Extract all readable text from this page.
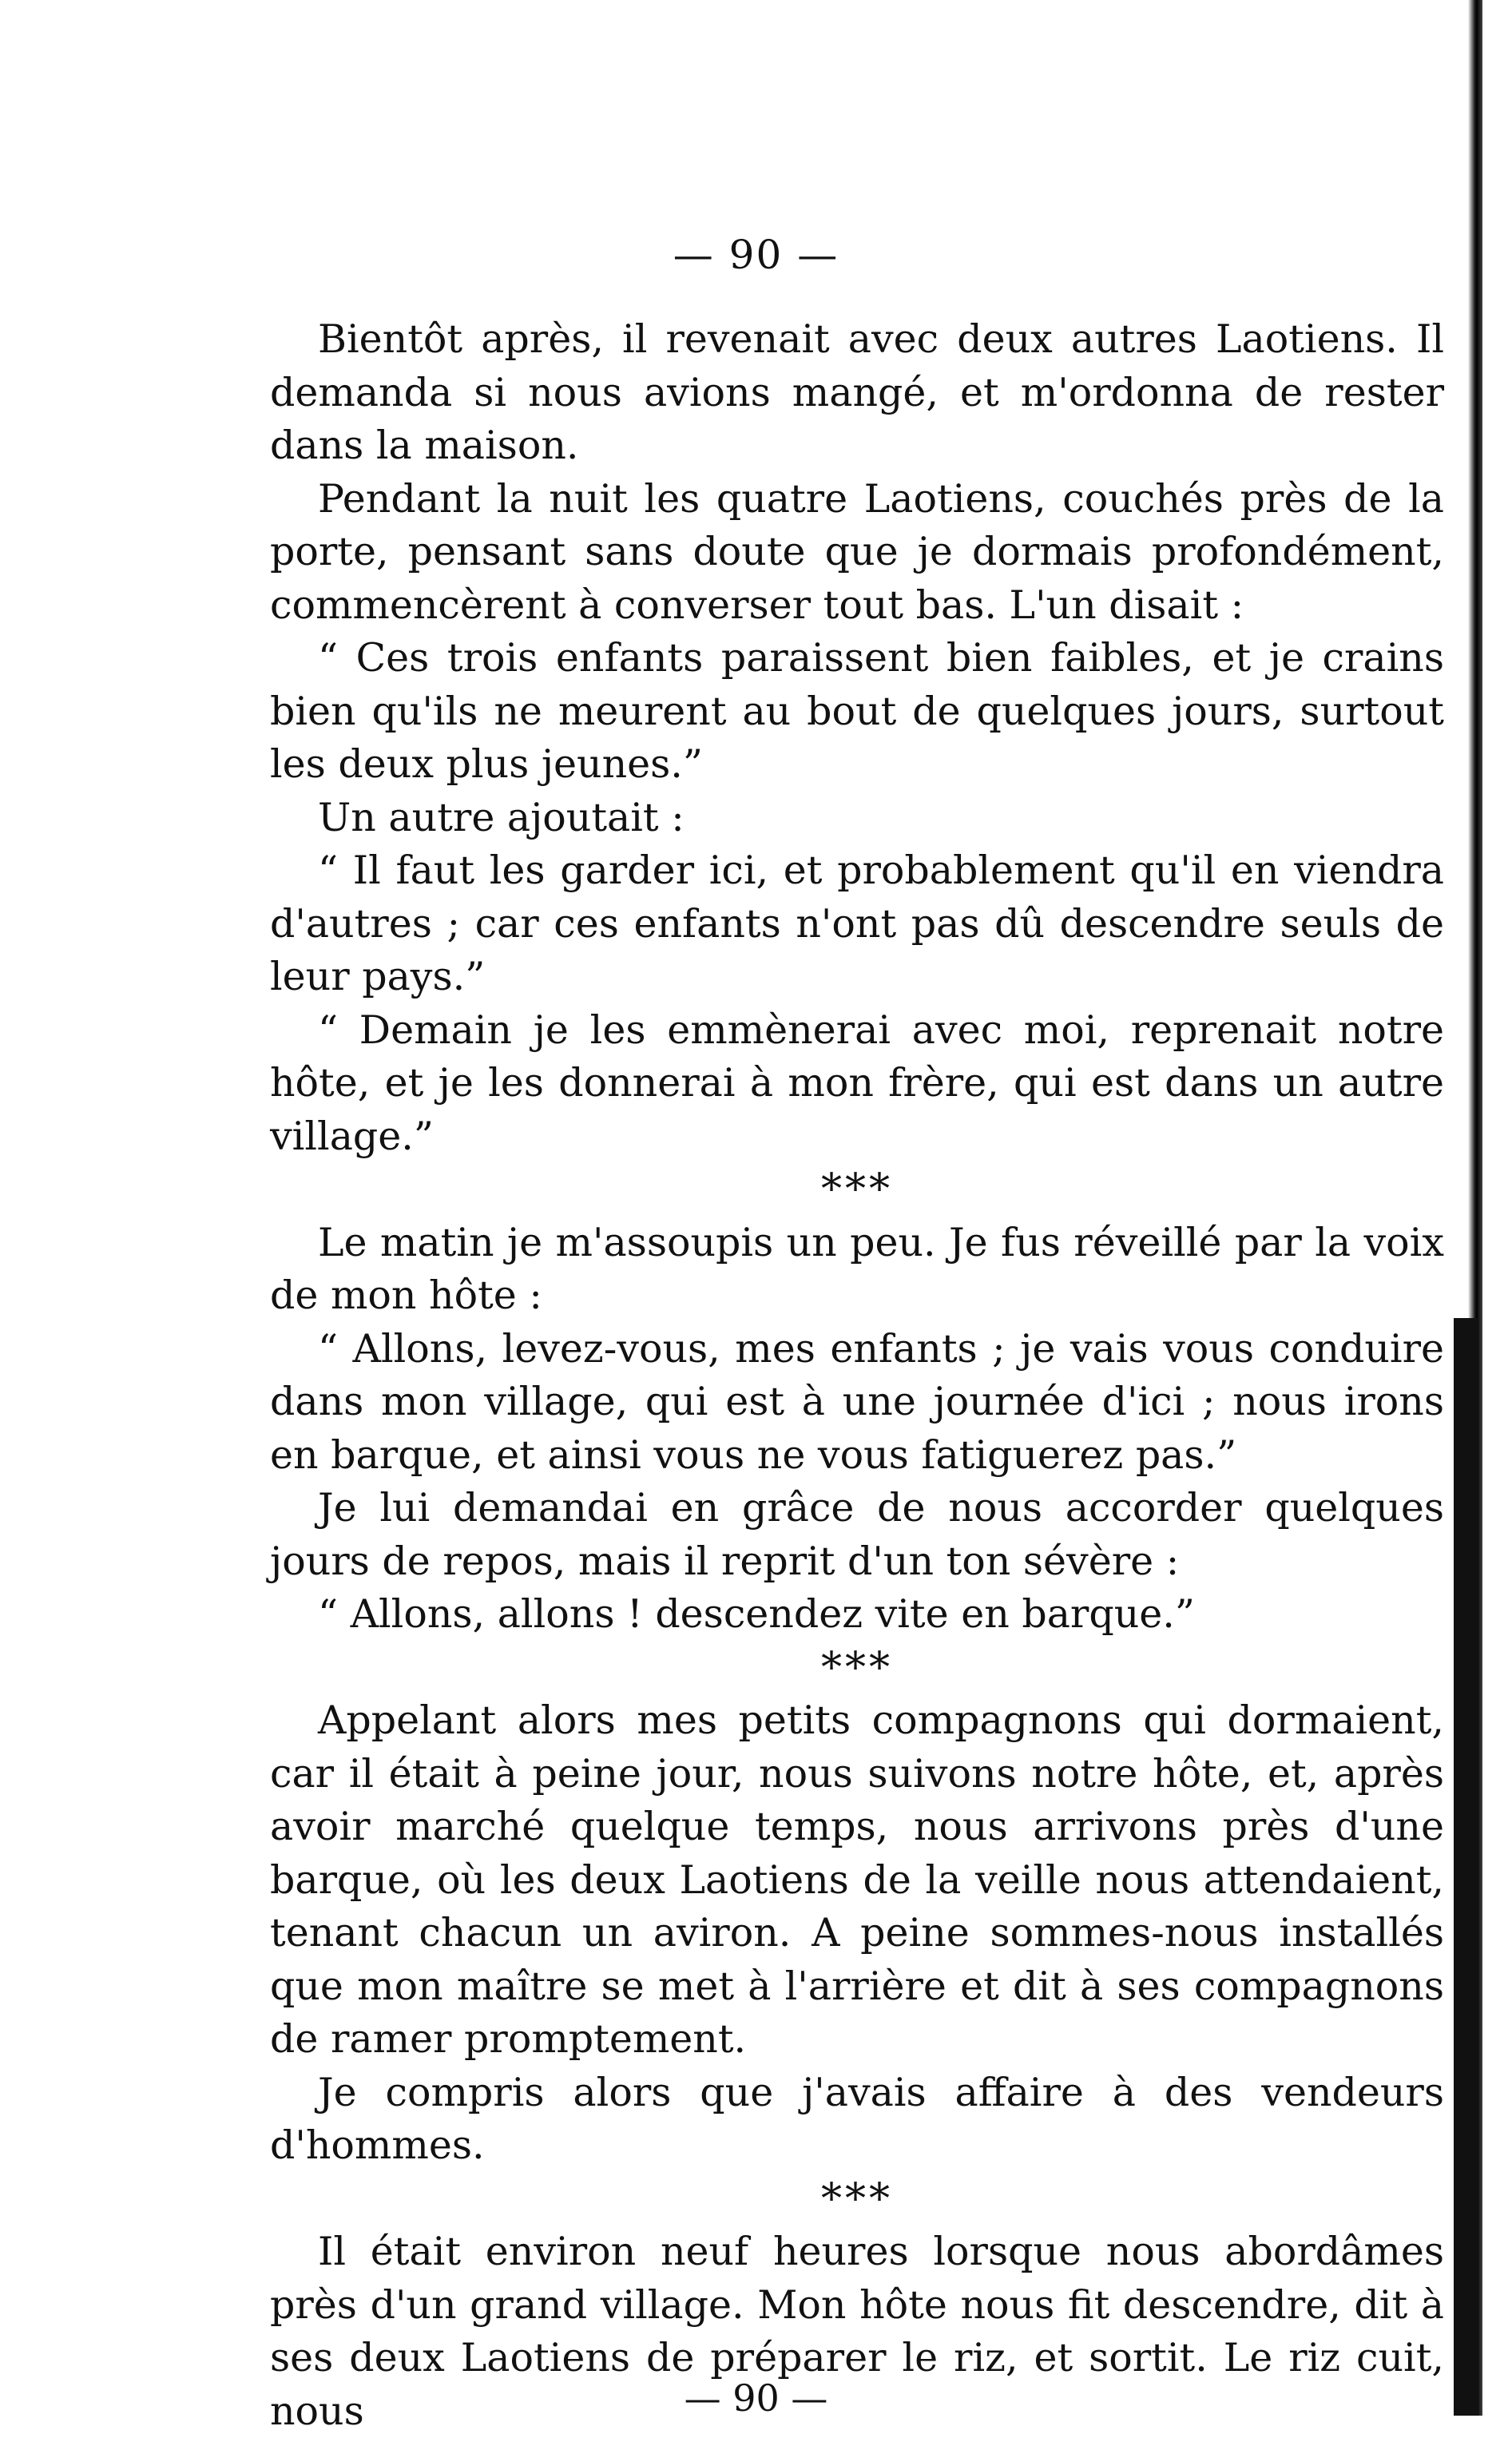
— 90 —

Bientôt après, il revenait avec deux autres Laotiens. Il demanda si nous avions mangé, et m'ordonna de rester dans la maison.

Pendant la nuit les quatre Laotiens, couchés près de la porte, pensant sans doute que je dormais profondément, commencèrent à converser tout bas. L'un disait :

“ Ces trois enfants paraissent bien faibles, et je crains bien qu'ils ne meurent au bout de quelques jours, surtout les deux plus jeunes.”

Un autre ajoutait :

“ Il faut les garder ici, et probablement qu'il en viendra d'autres ; car ces enfants n'ont pas dû descendre seuls de leur pays.”

“ Demain je les emmènerai avec moi, reprenait notre hôte, et je les donnerai à mon frère, qui est dans un autre village.”

***

Le matin je m'assoupis un peu. Je fus réveillé par la voix de mon hôte :

“ Allons, levez-vous, mes enfants ; je vais vous conduire dans mon village, qui est à une journée d'ici ; nous irons en barque, et ainsi vous ne vous fatiguerez pas.”

Je lui demandai en grâce de nous accorder quelques jours de repos, mais il reprit d'un ton sévère :

“ Allons, allons ! descendez vite en barque.”

***

Appelant alors mes petits compagnons qui dormaient, car il était à peine jour, nous suivons notre hôte, et, après avoir marché quelque temps, nous arrivons près d'une barque, où les deux Laotiens de la veille nous attendaient, tenant chacun un aviron. A peine sommes-nous installés que mon maître se met à l'arrière et dit à ses compagnons de ramer promptement.

Je compris alors que j'avais affaire à des vendeurs d'hommes.

***

Il était environ neuf heures lorsque nous abordâmes près d'un grand village. Mon hôte nous fit descendre, dit à ses deux Laotiens de préparer le riz, et sortit. Le riz cuit, nous	— 90 —
